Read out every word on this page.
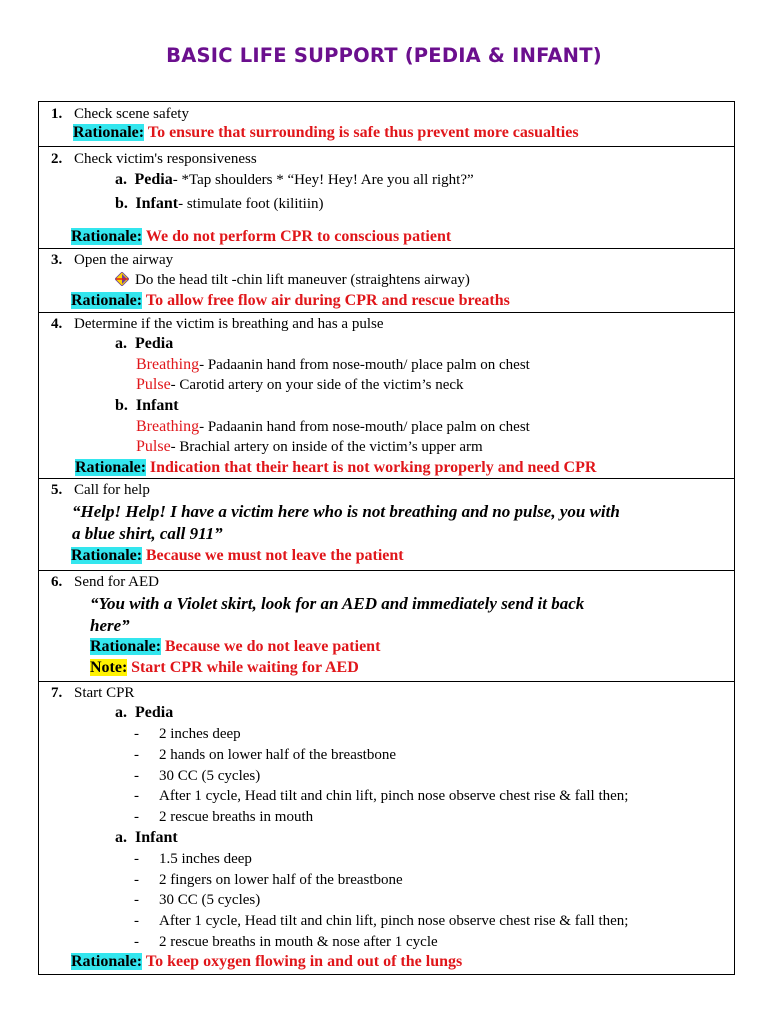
BASIC LIFE SUPPORT (PEDIA & INFANT)
1. Check scene safety
Rationale: To ensure that surrounding is safe thus prevent more casualties

2. Check victim's responsiveness
a. Pedia- *Tap shoulders * “Hey! Hey! Are you all right?”
b. Infant- stimulate foot (kilitiin)
Rationale: We do not perform CPR to conscious patient

3. Open the airway
Do the head tilt -chin lift maneuver (straightens airway)
Rationale: To allow free flow air during CPR and rescue breaths

4. Determine if the victim is breathing and has a pulse
a. Pedia
Breathing- Padaanin hand from nose-mouth/ place palm on chest
Pulse- Carotid artery on your side of the victim’s neck
b. Infant
Breathing- Padaanin hand from nose-mouth/ place palm on chest
Pulse- Brachial artery on inside of the victim’s upper arm
Rationale: Indication that their heart is not working properly and need CPR

5. Call for help
“Help! Help! I have a victim here who is not breathing and no pulse, you with
a blue shirt, call 911”
Rationale: Because we must not leave the patient

6. Send for AED
“You with a Violet skirt, look for an AED and immediately send it back
here”
Rationale: Because we do not leave patient
Note: Start CPR while waiting for AED

7. Start CPR
a. Pedia
- 2 inches deep
- 2 hands on lower half of the breastbone
- 30 CC (5 cycles)
- After 1 cycle, Head tilt and chin lift, pinch nose observe chest rise & fall then;
- 2 rescue breaths in mouth
a. Infant
- 1.5 inches deep
- 2 fingers on lower half of the breastbone
- 30 CC (5 cycles)
- After 1 cycle, Head tilt and chin lift, pinch nose observe chest rise & fall then;
- 2 rescue breaths in mouth & nose after 1 cycle
Rationale: To keep oxygen flowing in and out of the lungs
